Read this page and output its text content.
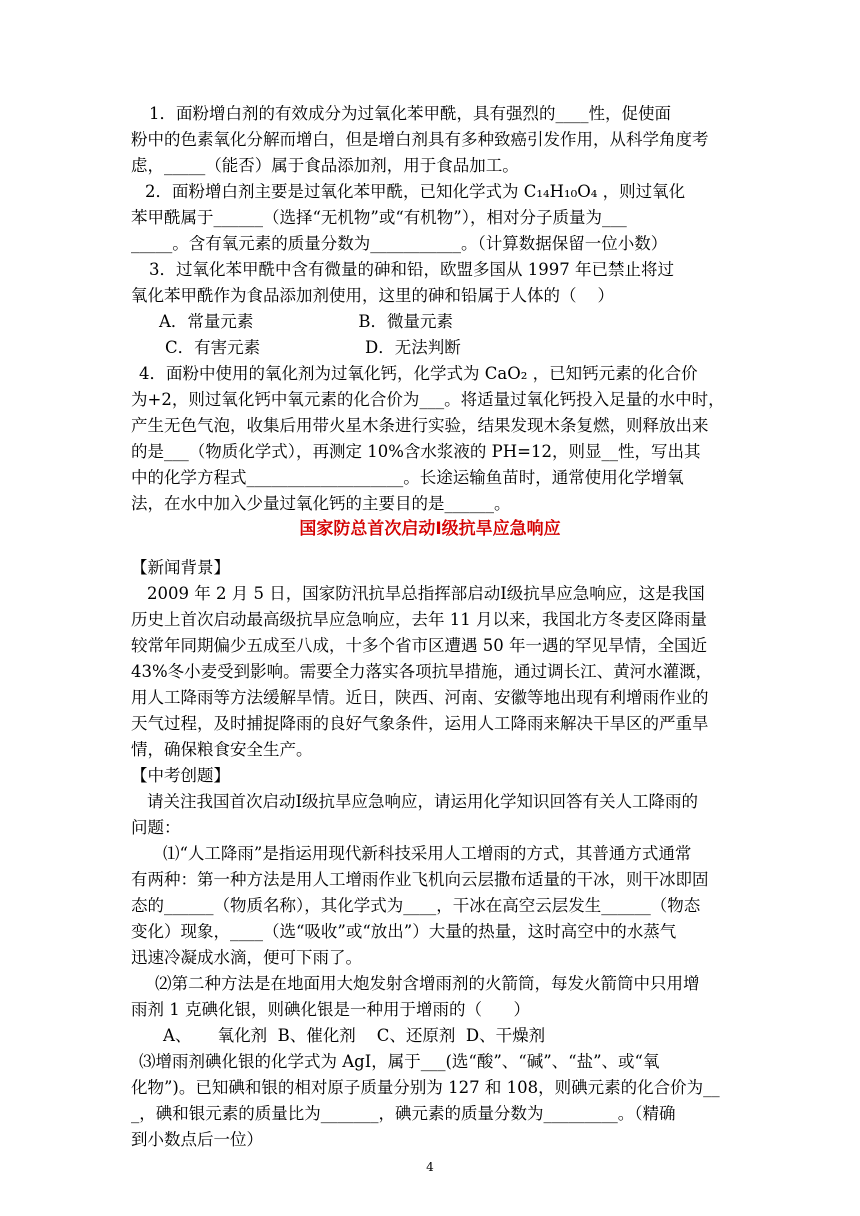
1．面粉增白剂的有效成分为过氧化苯甲酰，具有强烈的____性，促使面
粉中的色素氧化分解而增白，但是增白剂具有多种致癌引发作用，从科学角度考
虑，_____（能否）属于食品添加剂，用于食品加工。
2．面粉增白剂主要是过氧化苯甲酰，已知化学式为 C₁₄H₁₀O₄ ，则过氧化
苯甲酰属于______（选择“无机物”或“有机物”），相对分子质量为___
_____。含有氧元素的质量分数为___________。（计算数据保留一位小数）
3．过氧化苯甲酰中含有微量的砷和铅，欧盟多国从 1997 年已禁止将过
氧化苯甲酰作为食品添加剂使用，这里的砷和铅属于人体的（    ）
A．常量元素                    B．微量元素
C．有害元素                    D．无法判断
4．面粉中使用的氧化剂为过氧化钙，化学式为 CaO₂ ，已知钙元素的化合价
为+2，则过氧化钙中氧元素的化合价为___。将适量过氧化钙投入足量的水中时，
产生无色气泡，收集后用带火星木条进行实验，结果发现木条复燃，则释放出来
的是___（物质化学式），再测定 10%含水浆液的 PH=12，则显__性，写出其
中的化学方程式___________________。长途运输鱼苗时，通常使用化学增氧
法，在水中加入少量过氧化钙的主要目的是______。
国家防总首次启动Ⅰ级抗旱应急响应
【新闻背景】
2009 年 2 月 5 日，国家防汛抗旱总指挥部启动Ⅰ级抗旱应急响应，这是我国
历史上首次启动最高级抗旱应急响应，去年 11 月以来，我国北方冬麦区降雨量
较常年同期偏少五成至八成，十多个省市区遭遇 50 年一遇的罕见旱情，全国近
43%冬小麦受到影响。需要全力落实各项抗旱措施，通过调长江、黄河水灌溉，
用人工降雨等方法缓解旱情。近日，陕西、河南、安徽等地出现有利增雨作业的
天气过程，及时捕捉降雨的良好气象条件，运用人工降雨来解决干旱区的严重旱
情，确保粮食安全生产。
【中考创题】
请关注我国首次启动Ⅰ级抗旱应急响应，请运用化学知识回答有关人工降雨的
问题：
⑴“人工降雨”是指运用现代新科技采用人工增雨的方式，其普通方式通常
有两种：第一种方法是用人工增雨作业飞机向云层撒布适量的干冰，则干冰即固
态的______（物质名称），其化学式为____，干冰在高空云层发生______（物态
变化）现象，____（选“吸收”或“放出”）大量的热量，这时高空中的水蒸气
迅速冷凝成水滴，便可下雨了。
⑵第二种方法是在地面用大炮发射含增雨剂的火箭筒，每发火箭筒中只用增
雨剂 1 克碘化银，则碘化银是一种用于增雨的（      ）
A、     氧化剂  B、催化剂    C、还原剂  D、干燥剂
⑶增雨剂碘化银的化学式为 AgI，属于___(选“酸”、“碱”、“盐”、或“氧
化物”)。已知碘和银的相对原子质量分别为 127 和 108，则碘元素的化合价为__
_，碘和银元素的质量比为_______，碘元素的质量分数为_________。（精确
到小数点后一位）
4
